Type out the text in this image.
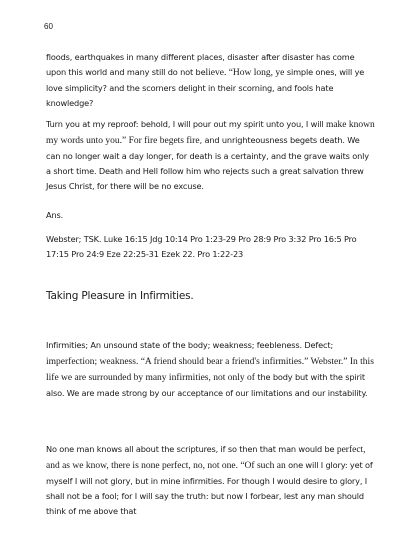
60

floods, earthquakes in many different places, disaster after disaster has come upon this world and many still do not believe. “How long, ye simple ones, will ye love simplicity? and the scorners delight in their scorning, and fools hate knowledge?

Turn you at my reproof: behold, I will pour out my spirit unto you, I will make known my words unto you.” For fire begets fire, and unrighteousness begets death. We can no longer wait a day longer, for death is a certainty, and the grave waits only a short time. Death and Hell follow him who rejects such a great salvation threw Jesus Christ, for there will be no excuse.

Ans.

Webster; TSK. Luke 16:15 Jdg 10:14 Pro 1:23-29 Pro 28:9 Pro 3:32 Pro 16:5 Pro 17:15 Pro 24:9 Eze 22:25-31 Ezek 22. Pro 1:22-23

Taking Pleasure in Infirmities.

Infirmities; An unsound state of the body; weakness; feebleness. Defect; imperfection; weakness. “A friend should bear a friend's infirmities.” Webster.” In this life we are surrounded by many infirmities, not only of the body but with the spirit also. We are made strong by our acceptance of our limitations and our instability.

No one man knows all about the scriptures, if so then that man would be perfect, and as we know, there is none perfect, no, not one. “Of such an one will I glory: yet of myself I will not glory, but in mine infirmities. For though I would desire to glory, I shall not be a fool; for I will say the truth: but now I forbear, lest any man should think of me above that
